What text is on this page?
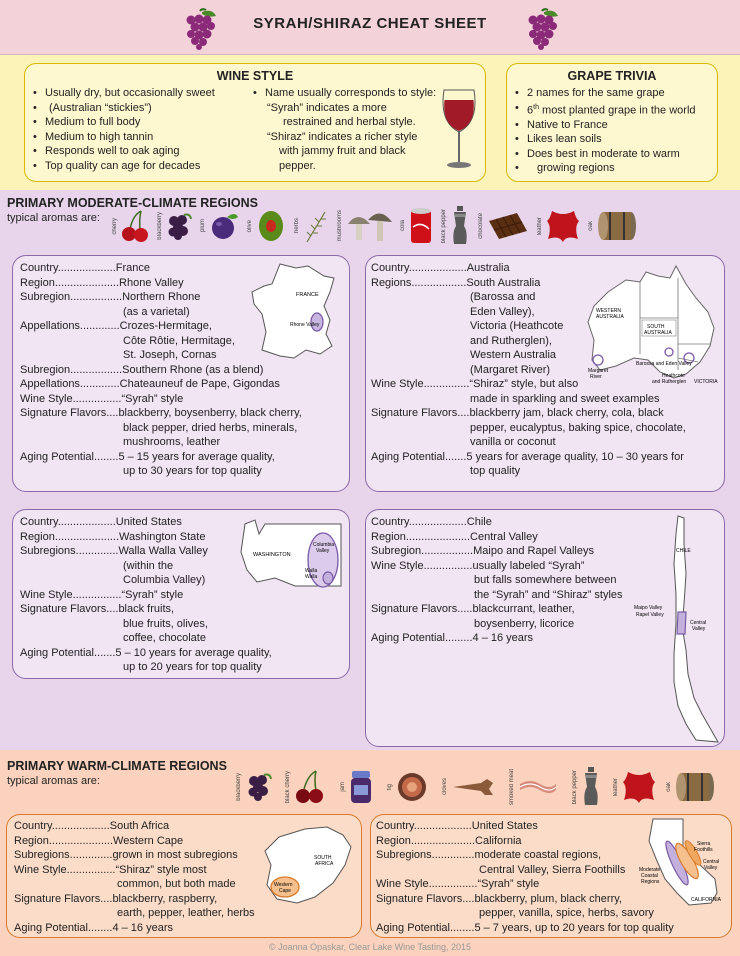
SYRAH/SHIRAZ CHEAT SHEET
WINE STYLE
• Usually dry, but occasionally sweet
• (Australian “stickies”)
• Medium to full body
• Medium to high tannin
• Responds well to oak aging
• Top quality can age for decades
• Name usually corresponds to style:
“Syrah” indicates a more
restrained and herbal style.
“Shiraz” indicates a richer style
with jammy fruit and black pepper.
GRAPE TRIVIA
• 2 names for the same grape
• 6th most planted grape in the world
• Native to France
• Likes lean soils
• Does best in moderate to warm
• growing regions
PRIMARY MODERATE-CLIMATE REGIONS
typical aromas are: cherry	blackberry	plum	olive	herbs	mushrooms	cola	black pepper	chocolate	leather	oak
Country................... France
Region..................... Rhone Valley
Subregion................. Northern Rhone
(as a varietal)
Appellations............. Crozes-Hermitage,
Côte Rôtie, Hermitage,
St. Joseph, Cornas
Subregion................. Southern Rhone (as a blend)
Appellations............. Chateauneuf de Pape, Gigondas
Wine Style................ “Syrah” style
Signature Flavors.... blackberry, boysenberry, black cherry,
black pepper, dried herbs, minerals,
mushrooms, leather
Aging Potential........ 5 – 15 years for average quality,
up to 30 years for top quality
FRANCE
Rhone Valley
Country................... Australia
Regions.................. South Australia
(Barossa and
Eden Valley),
Victoria (Heathcote
and Rutherglen),
Western Australia
(Margaret River)
Wine Style............... “Shiraz” style, but also
made in sparkling and sweet examples
Signature Flavors.... blackberry jam, black cherry, cola, black
pepper, eucalyptus, baking spice, chocolate,
vanilla or coconut
Aging Potential....... 5 years for average quality, 10 – 30 years for
top quality
WESTERN AUSTRALIA
SOUTH AUSTRALIA
Margaret River
Barossa and Eden Valley
Heathcote and Rutherglen VICTORIA
Country................... United States
Region..................... Washington State
Subregions.............. Walla Walla Valley
(within the
Columbia Valley)
Wine Style................ “Syrah” style
Signature Flavors.... black fruits,
blue fruits, olives,
coffee, chocolate
Aging Potential....... 5 – 10 years for average quality,
up to 20 years for top quality
WASHINGTON
Columbia Valley
Walla Walla
Country................... Chile
Region..................... Central Valley
Subregion................. Maipo and Rapel Valleys
Wine Style................ usually labeled “Syrah”
but falls somewhere between
the “Syrah” and “Shiraz” styles
Signature Flavors..... blackcurrant, leather,
boysenberry, licorice
Aging Potential......... 4 – 16 years
CHILE
Maipo Valley
Rapel Valley
Central Valley
PRIMARY WARM-CLIMATE REGIONS
typical aromas are:	blackberry	black cherry	jam	fig	cloves	smoked meat	black pepper	leather	oak
Country................... South Africa
Region..................... Western Cape
Subregions.............. grown in most subregions
Wine Style................ “Shiraz” style most
common, but both made
Signature Flavors.... blackberry, raspberry,
earth, pepper, leather, herbs
Aging Potential........ 4 – 16 years
SOUTH AFRICA
Western Cape
Country................... United States
Region..................... California
Subregions.............. moderate coastal regions,
Central Valley, Sierra Foothills
Wine Style................ “Syrah” style
Signature Flavors.... blackberry, plum, black cherry,
pepper, vanilla, spice, herbs, savory
Aging Potential........ 5 – 7 years, up to 20 years for top quality
Sierra Foothills
Central Valley
Moderate Coastal Regions
CALIFORNIA
© Joanna Opaskar, Clear Lake Wine Tasting, 2015
